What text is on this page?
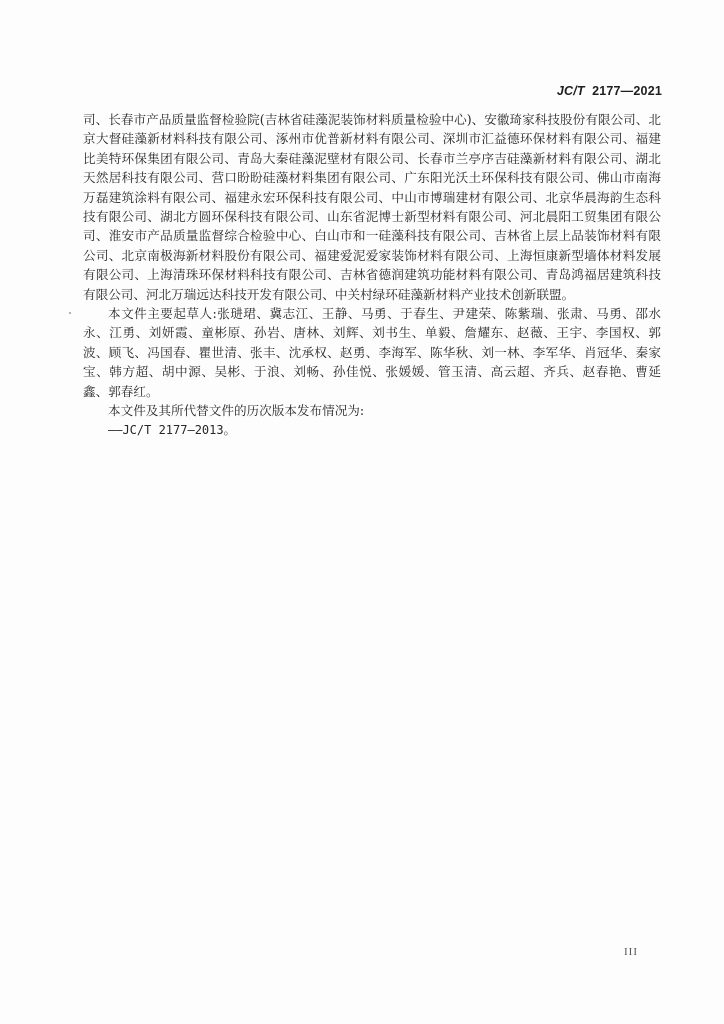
JC/T 2177—2021

司、长春市产品质量监督检验院(吉林省硅藻泥装饰材料质量检验中心)、安徽琦家科技股份有限公司、北京大督硅藻新材料科技有限公司、涿州市优普新材料有限公司、深圳市汇益德环保材料有限公司、福建比美特环保集团有限公司、青岛大秦硅藻泥壁材有限公司、长春市兰亭序吉硅藻新材料有限公司、湖北天然居科技有限公司、营口盼盼硅藻材料集团有限公司、广东阳光沃土环保科技有限公司、佛山市南海万磊建筑涂料有限公司、福建永宏环保科技有限公司、中山市博瑞建材有限公司、北京华晨海韵生态科技有限公司、湖北方圆环保科技有限公司、山东省泥博士新型材料有限公司、河北晨阳工贸集团有限公司、淮安市产品质量监督综合检验中心、白山市和一硅藻科技有限公司、吉林省上层上品装饰材料有限公司、北京南极海新材料股份有限公司、福建爱泥爱家装饰材料有限公司、上海恒康新型墙体材料发展有限公司、上海清珠环保材料科技有限公司、吉林省德润建筑功能材料有限公司、青岛鸿福居建筑科技有限公司、河北万瑞远达科技开发有限公司、中关村绿环硅藻新材料产业技术创新联盟。

本文件主要起草人:张琎珺、冀志江、王静、马勇、于春生、尹建荣、陈紫瑞、张肃、马勇、邵水永、江勇、刘妍霞、童彬原、孙岩、唐林、刘辉、刘书生、单毅、詹耀东、赵薇、王宇、李国权、郭波、顾飞、冯国春、瞿世清、张丰、沈承权、赵勇、李海军、陈华秋、刘一林、李军华、肖冠华、秦家宝、韩方超、胡中源、吴彬、于浪、刘畅、孙佳悦、张媛媛、管玉清、高云超、齐兵、赵春艳、曹延鑫、郭春红。

本文件及其所代替文件的历次版本发布情况为:

——JC/T 2177—2013。

III
